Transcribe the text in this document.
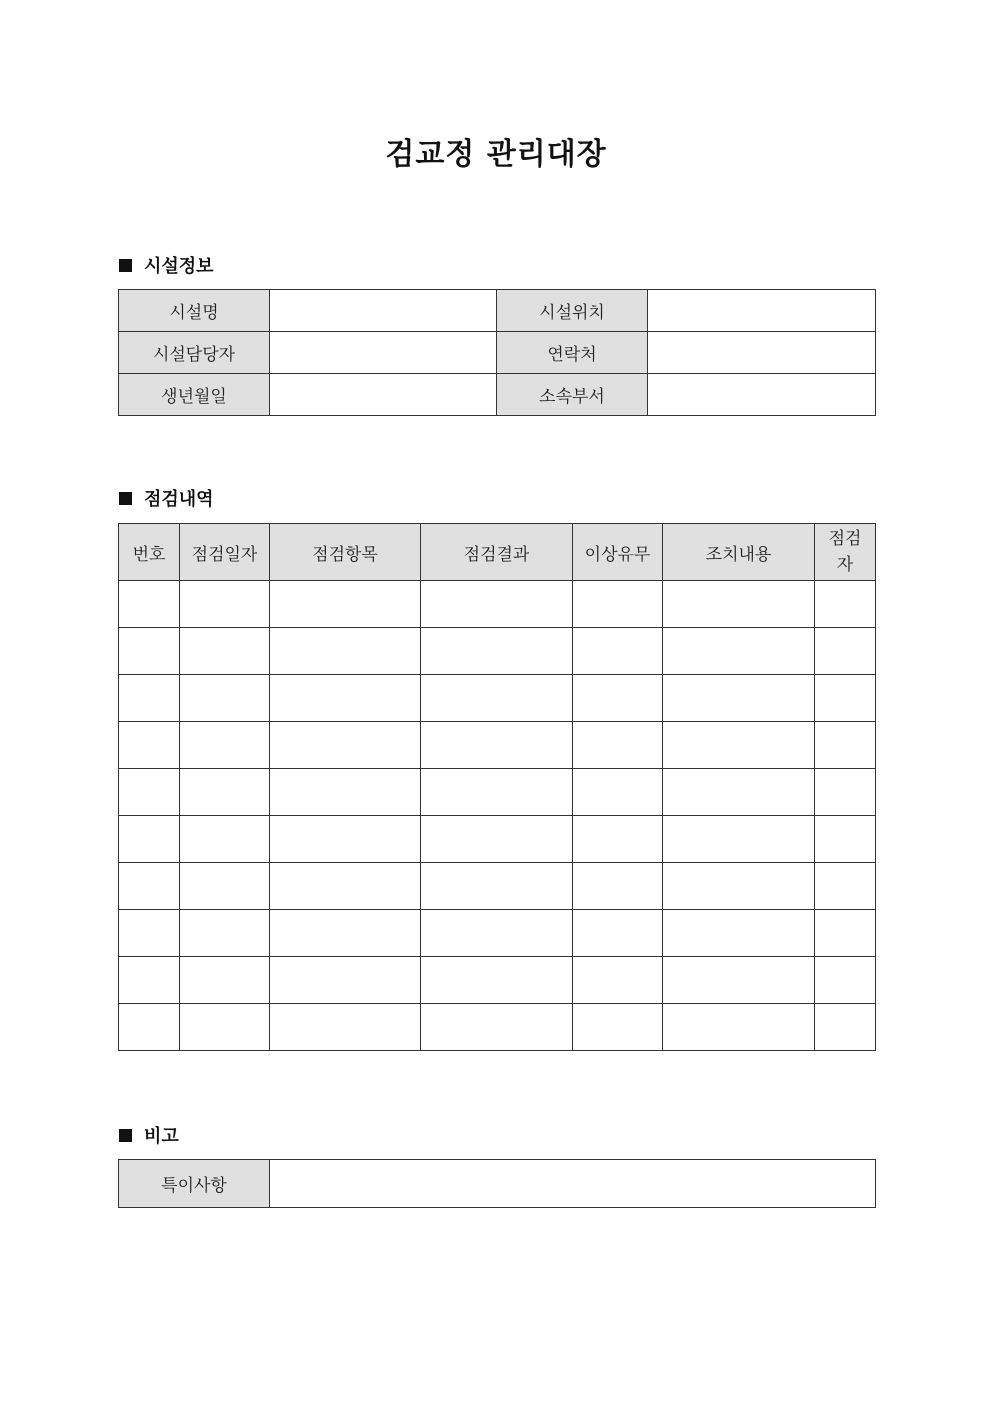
검교정 관리대장
시설정보
시설명		시설위치	
시설담당자		연락처	
생년월일		소속부서	
점검내역
번호	점검일자	점검항목	점검결과	이상유무	조치내용	점검자

비고
특이사항	
